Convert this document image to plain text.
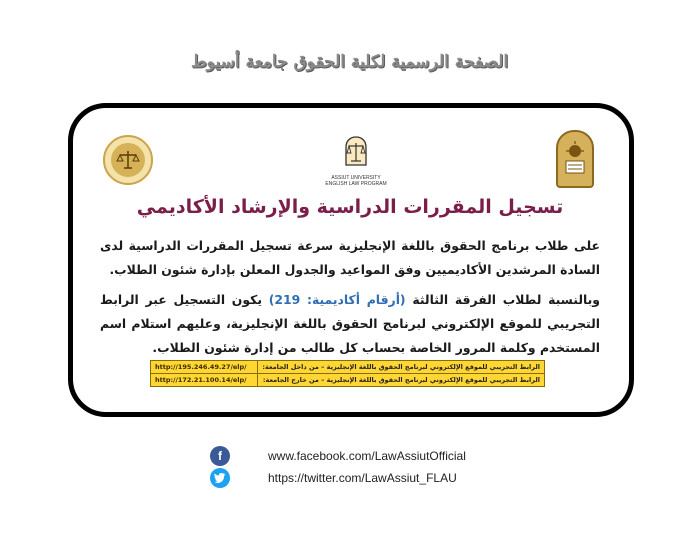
الصفحة الرسمية لكلية الحقوق جامعة أسيوط
ASSIUT UNIVERSITY
ENGLISH LAW PROGRAM
تسجيل المقررات الدراسية والإرشاد الأكاديمي

على طلاب برنامج الحقوق باللغة الإنجليزية سرعة تسجيل المقررات الدراسية لدى السادة المرشدين الأكاديميين وفق المواعيد والجدول المعلن بإدارة شئون الطلاب.

وبالنسبة لطلاب الفرقة الثالثة (أرقام أكاديمية: 219) يكون التسجيل عبر الرابط التجريبي للموقع الإلكتروني لبرنامج الحقوق باللغة الإنجليزية، وعليهم استلام اسم المستخدم وكلمة المرور الخاصة بحساب كل طالب من إدارة شئون الطلاب.

الرابط التجريبي للموقع الإلكتروني لبرنامج الحقوق باللغة الإنجليزية – من داخل الجامعة:	http://195.246.49.27/elp/
الرابط التجريبي للموقع الإلكتروني لبرنامج الحقوق باللغة الإنجليزية – من خارج الجامعة:	http://172.21.100.14/elp/
f	www.facebook.com/LawAssiutOfficial
https://twitter.com/LawAssiut_FLAU
